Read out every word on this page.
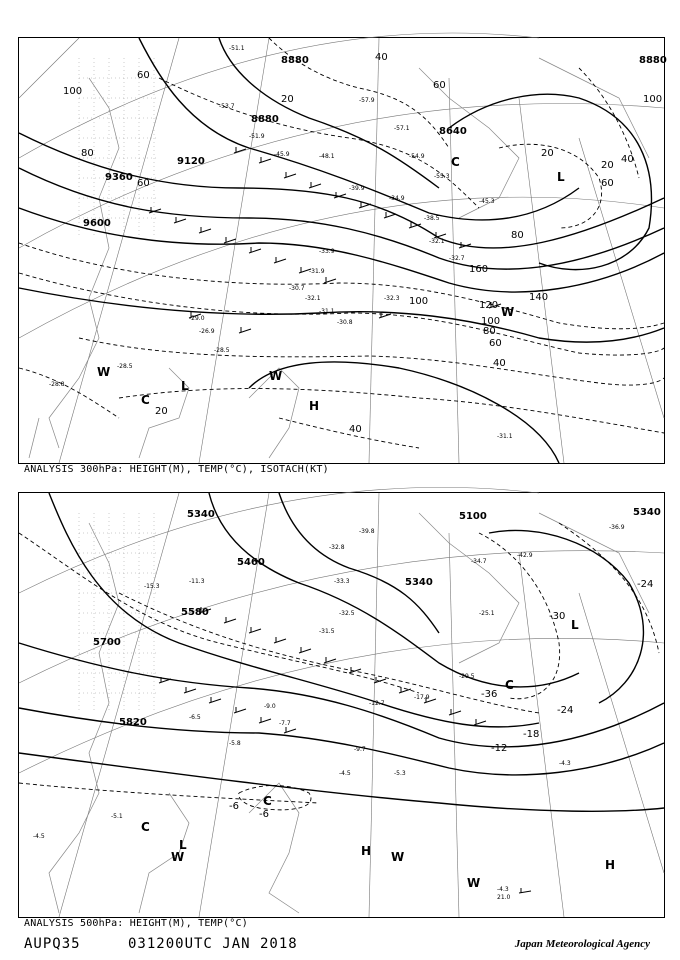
8880	8880
8880
8640
9120
9360
9600
100
100
60
20
40
60
20
20
40
60
80
100	120
140
160
60
40
20
80
80
100
60
40
L
H
L
C
W
W
W
C
-51.1
-53.7
-51.9
-45.9	-48.1
-39.9
-34.9
-38.5
-32.1
-32.7
-33.9
-31.9
-30.7
-32.1
-31.1
-30.8
-32.3
-29.0
-26.9
-28.5
-57.9
-57.1
-54.9
-55.3
-45.3
-31.1
-28.5
-28.8
ANALYSIS 300hPa: HEIGHT(M), TEMP(°C), ISOTACH(KT)
5340
5460
5580
5700
5820
5100
5340
5340
-30
-36
-24
-18
-12
-6
-6
-24
L
L
H
H
W	W
W
C
C
C
-32.8
-33.3
-32.5
-31.5
-29.5
-25.1
-17.9
-12.7
-9.7
-4.5	-5.3
-5.8
-6.5
-4.3
-4.5
-5.1
-39.8
-34.7
-42.9
-36.9
-15.3
-11.3
-9.0
-7.7
-4.3
21.0
ANALYSIS 500hPa: HEIGHT(M), TEMP(°C)
AUPQ35	031200UTC JAN 2018	Japan Meteorological Agency
